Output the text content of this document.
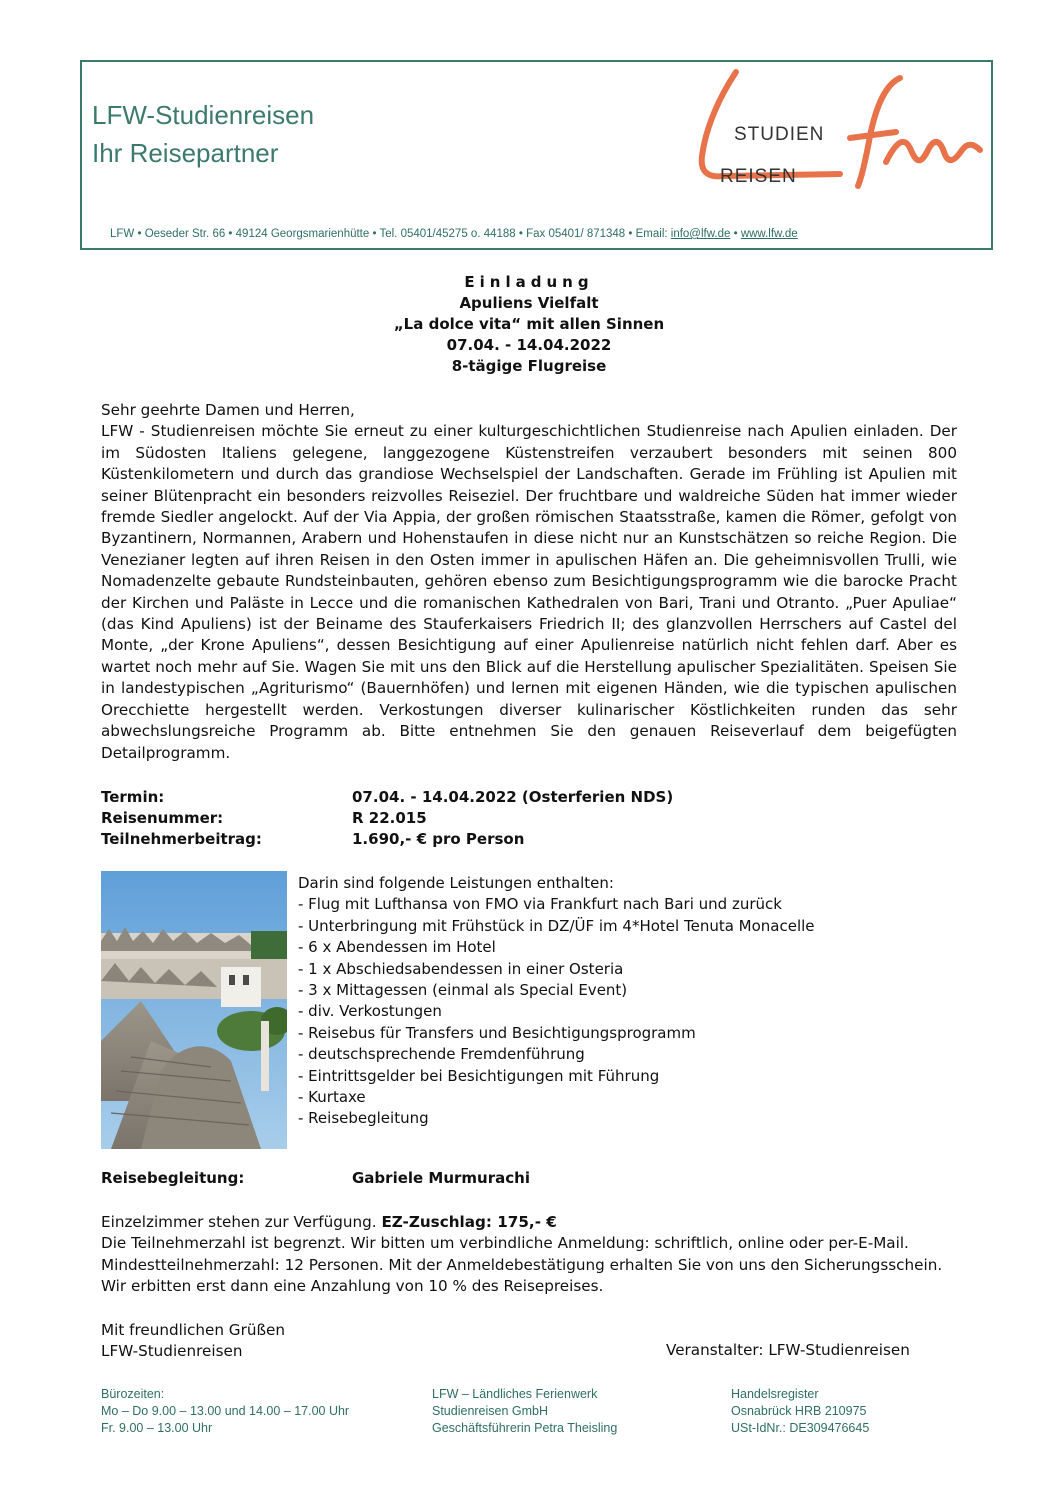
LFW-Studienreisen
Ihr Reisepartner
STUDIEN
REISEN
LFW • Oeseder Str. 66 • 49124 Georgsmarienhütte • Tel. 05401/45275 o. 44188 • Fax 05401/ 871348 • Email: info@lfw.de • www.lfw.de
Einladung
Apuliens Vielfalt
„La dolce vita“ mit allen Sinnen
07.04. - 14.04.2022
8-tägige Flugreise

Sehr geehrte Damen und Herren,

LFW - Studienreisen möchte Sie erneut zu einer kulturgeschichtlichen Studienreise nach Apulien einladen. Der im Südosten Italiens gelegene, langgezogene Küstenstreifen verzaubert besonders mit seinen 800 Küstenkilometern und durch das grandiose Wechselspiel der Landschaften. Gerade im Frühling ist Apulien mit seiner Blütenpracht ein besonders reizvolles Reiseziel. Der fruchtbare und waldreiche Süden hat immer wieder fremde Siedler angelockt. Auf der Via Appia, der großen römischen Staatsstraße, kamen die Römer, gefolgt von Byzantinern, Normannen, Arabern und Hohenstaufen in diese nicht nur an Kunstschätzen so reiche Region. Die Venezianer legten auf ihren Reisen in den Osten immer in apulischen Häfen an. Die geheimnisvollen Trulli, wie Nomadenzelte gebaute Rundsteinbauten, gehören ebenso zum Besichtigungsprogramm wie die barocke Pracht der Kirchen und Paläste in Lecce und die romanischen Kathedralen von Bari, Trani und Otranto. „Puer Apuliae“ (das Kind Apuliens) ist der Beiname des Stauferkaisers Friedrich II; des glanzvollen Herrschers auf Castel del Monte, „der Krone Apuliens“, dessen Besichtigung auf einer Apulienreise natürlich nicht fehlen darf. Aber es wartet noch mehr auf Sie. Wagen Sie mit uns den Blick auf die Herstellung apulischer Spezialitäten. Speisen Sie in landestypischen „Agriturismo“ (Bauernhöfen) und lernen mit eigenen Händen, wie die typischen apulischen Orecchiette hergestellt werden. Verkostungen diverser kulinarischer Köstlichkeiten runden das sehr abwechslungsreiche Programm ab. Bitte entnehmen Sie den genauen Reiseverlauf dem beigefügten Detailprogramm.

Termin:	07.04. - 14.04.2022 (Osterferien NDS)
Reisenummer:	R 22.015
Teilnehmerbeitrag:	1.690,- € pro Person
Darin sind folgende Leistungen enthalten:
- Flug mit Lufthansa von FMO via Frankfurt nach Bari und zurück
- Unterbringung mit Frühstück in DZ/ÜF im 4*Hotel Tenuta Monacelle
- 6 x Abendessen im Hotel
- 1 x Abschiedsabendessen in einer Osteria
- 3 x Mittagessen (einmal als Special Event)
- div. Verkostungen
- Reisebus für Transfers und Besichtigungsprogramm
- deutschsprechende Fremdenführung
- Eintrittsgelder bei Besichtigungen mit Führung
- Kurtaxe
- Reisebegleitung
Reisebegleitung:	Gabriele Murmurachi

Einzelzimmer stehen zur Verfügung. EZ-Zuschlag: 175,- €

Die Teilnehmerzahl ist begrenzt. Wir bitten um verbindliche Anmeldung: schriftlich, online oder per-E-Mail.

Mindestteilnehmerzahl: 12 Personen. Mit der Anmeldebestätigung erhalten Sie von uns den Sicherungsschein. Wir erbitten erst dann eine Anzahlung von 10 % des Reisepreises.

Mit freundlichen Grüßen
LFW-Studienreisen	Veranstalter: LFW-Studienreisen
Bürozeiten:
Mo – Do 9.00 – 13.00 und 14.00 – 17.00 Uhr
Fr. 9.00 – 13.00 Uhr
LFW – Ländliches Ferienwerk
Studienreisen GmbH
Geschäftsführerin Petra Theisling
Handelsregister
Osnabrück HRB 210975
USt-IdNr.: DE309476645
